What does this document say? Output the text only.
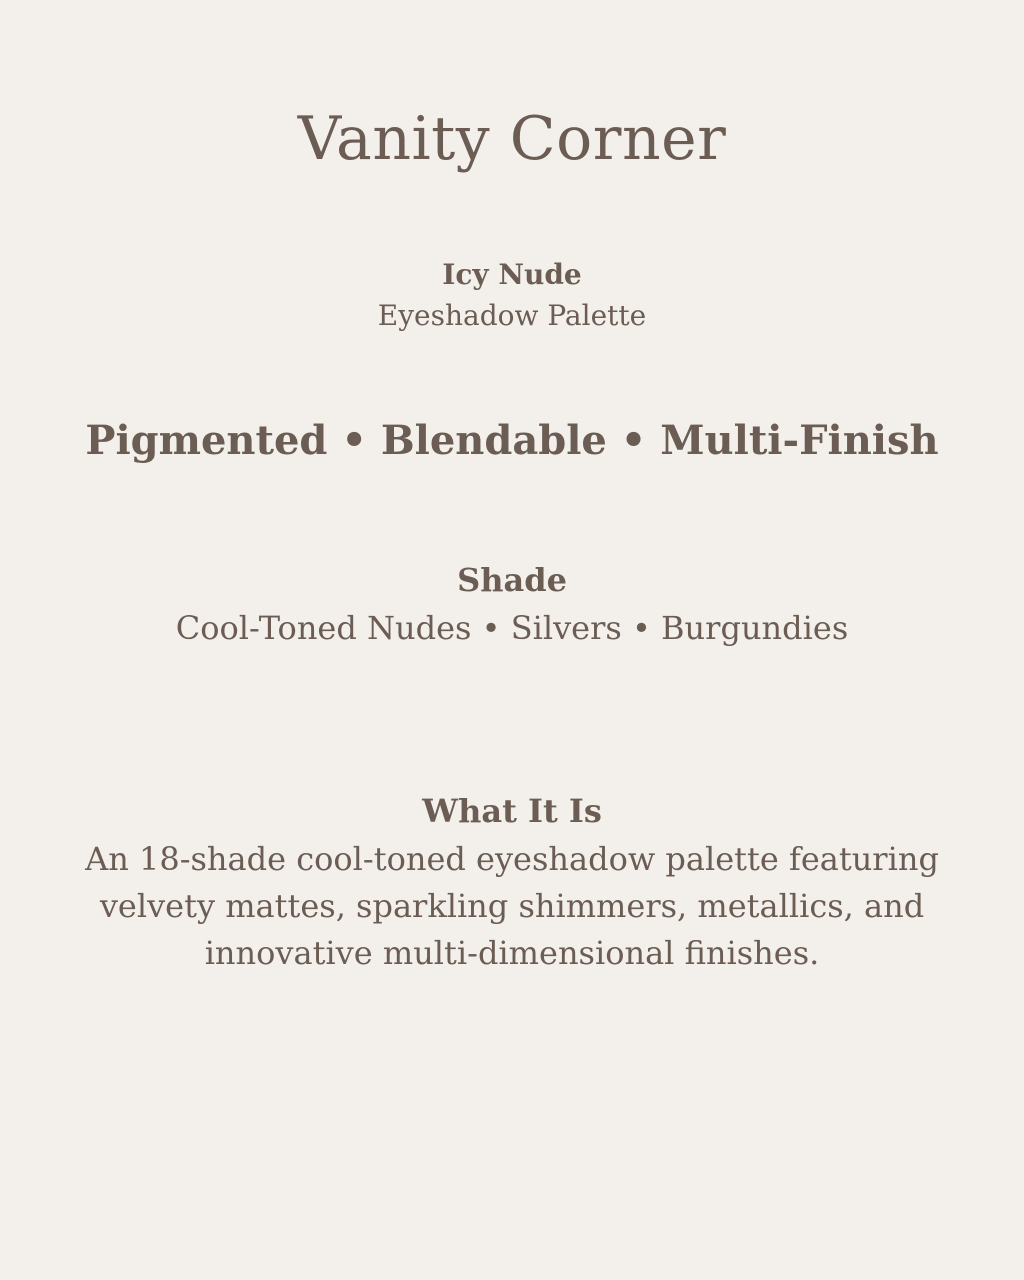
Vanity Corner
Icy Nude
Eyeshadow Palette
Pigmented • Blendable • Multi-Finish
Shade
Cool-Toned Nudes • Silvers • Burgundies
What It Is
An 18-shade cool-toned eyeshadow palette featuring velvety mattes, sparkling shimmers, metallics, and innovative multi-dimensional finishes.
